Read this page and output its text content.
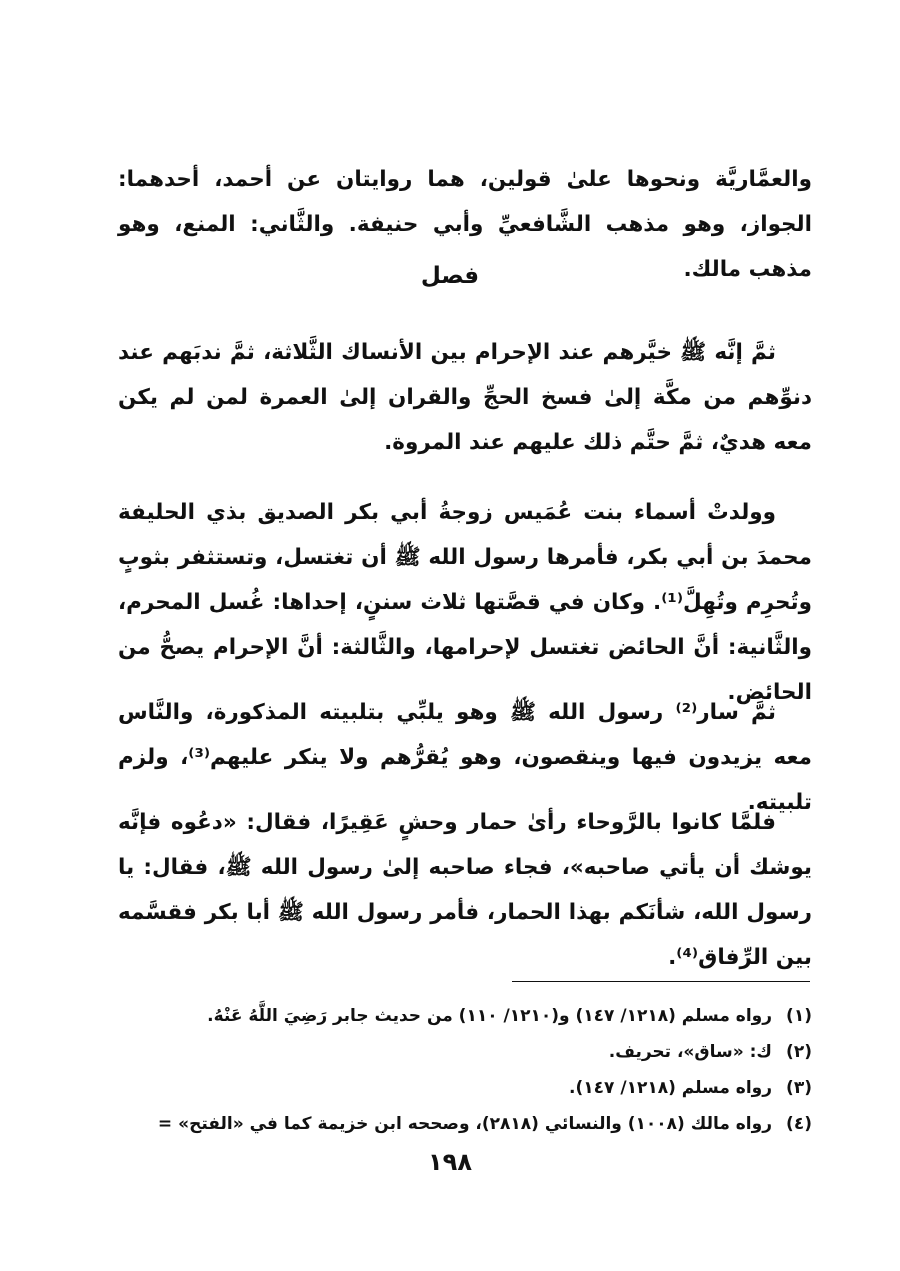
والعمَّاريَّة ونحوها علىٰ قولين، هما روايتان عن أحمد، أحدهما: الجواز، وهو مذهب الشَّافعيِّ وأبي حنيفة. والثَّاني: المنع، وهو مذهب مالك.

فصل

ثمَّ إنَّه ﷺ خيَّرهم عند الإحرام بين الأنساك الثَّلاثة، ثمَّ ندبَهم عند دنوِّهم من مكَّة إلىٰ فسخ الحجِّ والقران إلىٰ العمرة لمن لم يكن معه هديٌ، ثمَّ حتَّم ذلك عليهم عند المروة.

وولدتْ أسماء بنت عُمَيس زوجةُ أبي بكر الصديق بذي الحليفة محمدَ بن أبي بكر، فأمرها رسول الله ﷺ أن تغتسل، وتستثفر بثوبٍ وتُحرِم وتُهِلَّ⁽¹⁾. وكان في قصَّتها ثلاث سننٍ، إحداها: غُسل المحرم، والثَّانية: أنَّ الحائض تغتسل لإحرامها، والثَّالثة: أنَّ الإحرام يصحُّ من الحائض.

ثمَّ سار⁽²⁾ رسول الله ﷺ وهو يلبِّي بتلبيته المذكورة، والنَّاس معه يزيدون فيها وينقصون، وهو يُقرُّهم ولا ينكر عليهم⁽³⁾، ولزم تلبيته.

فلمَّا كانوا بالرَّوحاء رأىٰ حمار وحشٍ عَقِيرًا، فقال: «دعُوه فإنَّه يوشك أن يأتي صاحبه»، فجاء صاحبه إلىٰ رسول الله ﷺ، فقال: يا رسول الله، شأنَكم بهذا الحمار، فأمر رسول الله ﷺ أبا بكر فقسَّمه بين الرِّفاق⁽⁴⁾.

(١)رواه مسلم (١٢١٨/ ١٤٧) و(١٢١٠/ ١١٠) من حديث جابر رَضِيَ اللَّهُ عَنْهُ.
(٢)ك: «ساق»، تحريف.
(٣)رواه مسلم (١٢١٨/ ١٤٧).
(٤)رواه مالك (١٠٠٨) والنسائي (٢٨١٨)، وصححه ابن خزيمة كما في «الفتح» =
١٩٨
